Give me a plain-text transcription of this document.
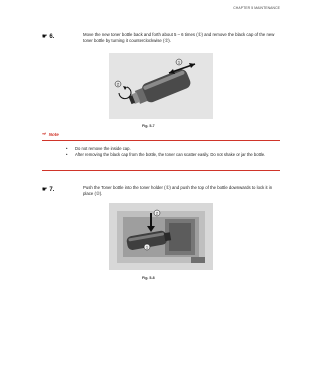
CHAPTER 5 MAINTENANCE
☛ 6.	Move the new toner bottle back and forth about 5 – 6 times (①) and remove the black cap of the new toner bottle by turning it counterclockwise (②).
1
2
Fig. 5-7
⇨ Note
• Do not remove the inside cap.
• After removing the black cap from the bottle, the toner can scatter easily. Do not shake or jar the bottle.
☛ 7.	Push the Toner bottle into the toner holder (①) and push the top of the bottle downwards to lock it in place (②).
1
2
Fig. 5-8
